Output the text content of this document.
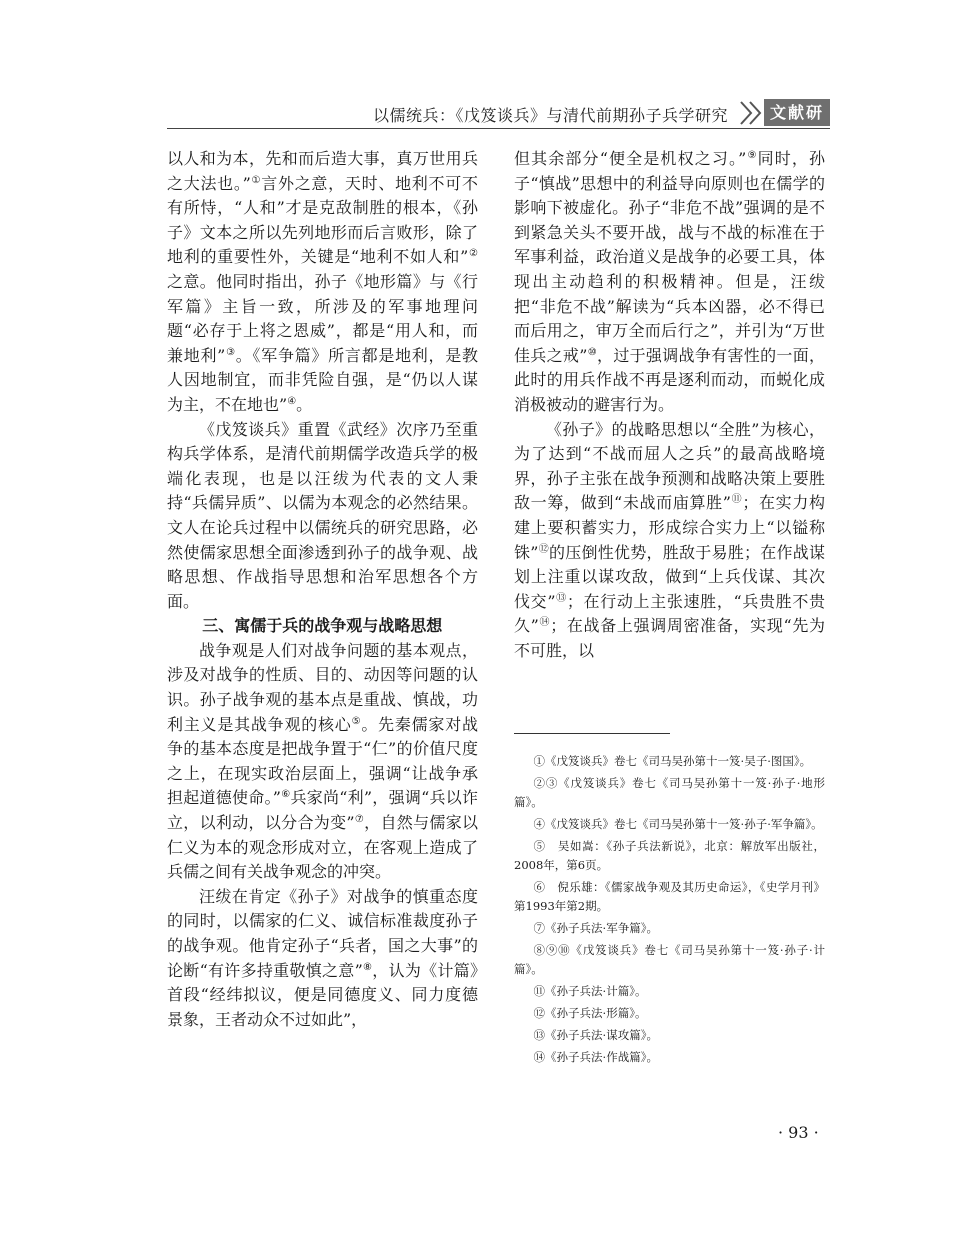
以儒统兵：《戊笈谈兵》与清代前期孙子兵学研究	文献研究

以人和为本，先和而后造大事，真万世用兵之大法也。”①言外之意，天时、地利不可不有所恃，“人和”才是克敌制胜的根本，《孙子》文本之所以先列地形而后言败形，除了地利的重要性外，关键是“地利不如人和”②之意。他同时指出，孙子《地形篇》与《行军篇》主旨一致，所涉及的军事地理问题“必存于上将之恩威”，都是“用人和，而兼地利”③。《军争篇》所言都是地利，是教人因地制宜，而非凭险自强，是“仍以人谋为主，不在地也”④。

《戊笈谈兵》重置《武经》次序乃至重构兵学体系，是清代前期儒学改造兵学的极端化表现，也是以汪绂为代表的文人秉持“兵儒异质”、以儒为本观念的必然结果。文人在论兵过程中以儒统兵的研究思路，必然使儒家思想全面渗透到孙子的战争观、战略思想、作战指导思想和治军思想各个方面。

三、寓儒于兵的战争观与战略思想

战争观是人们对战争问题的基本观点，涉及对战争的性质、目的、动因等问题的认识。孙子战争观的基本点是重战、慎战，功利主义是其战争观的核心⑤。先秦儒家对战争的基本态度是把战争置于“仁”的价值尺度之上，在现实政治层面上，强调“让战争承担起道德使命。”⑥兵家尚“利”，强调“兵以诈立，以利动，以分合为变”⑦，自然与儒家以仁义为本的观念形成对立，在客观上造成了兵儒之间有关战争观念的冲突。

汪绂在肯定《孙子》对战争的慎重态度的同时，以儒家的仁义、诚信标准裁度孙子的战争观。他肯定孙子“兵者，国之大事”的论断“有许多持重敬慎之意”⑧，认为《计篇》首段“经纬拟议，便是同德度义、同力度德景象，王者动众不过如此”，

但其余部分“便全是机权之习。”⑨同时，孙子“慎战”思想中的利益导向原则也在儒学的影响下被虚化。孙子“非危不战”强调的是不到紧急关头不要开战，战与不战的标准在于军事利益，政治道义是战争的必要工具，体现出主动趋利的积极精神。但是，汪绂把“非危不战”解读为“兵本凶器，必不得已而后用之，审万全而后行之”，并引为“万世佳兵之戒”⑩，过于强调战争有害性的一面，此时的用兵作战不再是逐利而动，而蜕化成消极被动的避害行为。

《孙子》的战略思想以“全胜”为核心，为了达到“不战而屈人之兵”的最高战略境界，孙子主张在战争预测和战略决策上要胜敌一筹，做到“未战而庙算胜”⑪；在实力构建上要积蓄实力，形成综合实力上“以镒称铢”⑫的压倒性优势，胜敌于易胜；在作战谋划上注重以谋攻敌，做到“上兵伐谋、其次伐交”⑬；在行动上主张速胜，“兵贵胜不贵久”⑭；在战备上强调周密准备，实现“先为不可胜，以

①《戊笈谈兵》卷七《司马吴孙第十一笈·吴子·图国》。

②③《戊笈谈兵》卷七《司马吴孙第十一笈·孙子·地形篇》。

④《戊笈谈兵》卷七《司马吴孙第十一笈·孙子·军争篇》。

⑤　吴如嵩：《孙子兵法新说》，北京：解放军出版社，2008年，第6页。

⑥　倪乐雄：《儒家战争观及其历史命运》，《史学月刊》第1993年第2期。

⑦《孙子兵法·军争篇》。

⑧⑨⑩《戊笈谈兵》卷七《司马吴孙第十一笈·孙子·计篇》。

⑪《孙子兵法·计篇》。

⑫《孙子兵法·形篇》。

⑬《孙子兵法·谋攻篇》。

⑭《孙子兵法·作战篇》。

· 93 ·
